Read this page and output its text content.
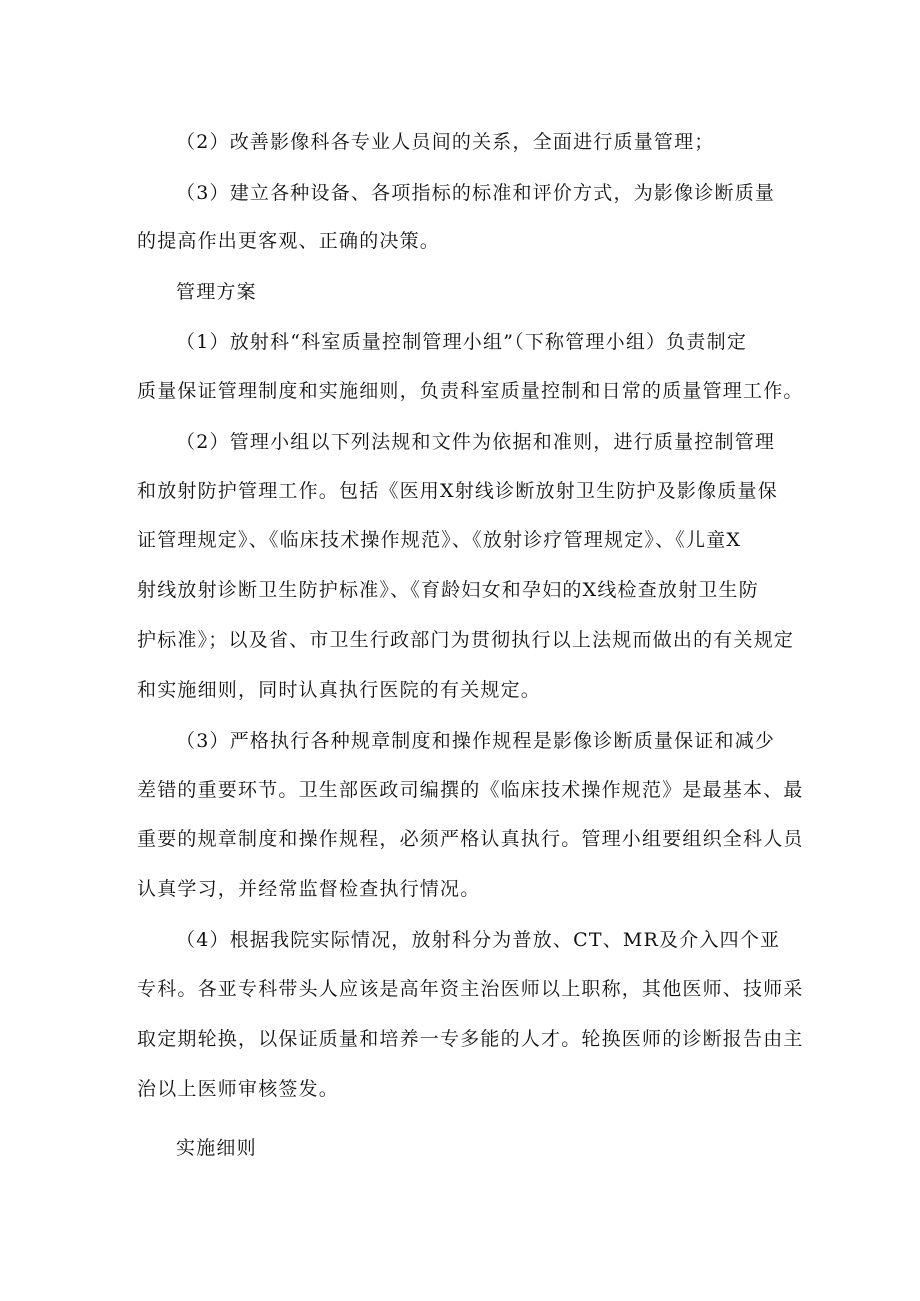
（2）改善影像科各专业人员间的关系，全面进行质量管理；
（3）建立各种设备、各项指标的标准和评价方式，为影像诊断质量
的提高作出更客观、正确的决策。
管理方案
（1）放射科“科室质量控制管理小组”（下称管理小组）负责制定
质量保证管理制度和实施细则，负责科室质量控制和日常的质量管理工作。
（2）管理小组以下列法规和文件为依据和准则，进行质量控制管理
和放射防护管理工作。包括《医用X射线诊断放射卫生防护及影像质量保
证管理规定》、《临床技术操作规范》、《放射诊疗管理规定》、《儿童X
射线放射诊断卫生防护标准》、《育龄妇女和孕妇的X线检查放射卫生防
护标准》；以及省、市卫生行政部门为贯彻执行以上法规而做出的有关规定
和实施细则，同时认真执行医院的有关规定。
（3）严格执行各种规章制度和操作规程是影像诊断质量保证和减少
差错的重要环节。卫生部医政司编撰的《临床技术操作规范》是最基本、最
重要的规章制度和操作规程，必须严格认真执行。管理小组要组织全科人员
认真学习，并经常监督检查执行情况。
（4）根据我院实际情况，放射科分为普放、CT、MR及介入四个亚
专科。各亚专科带头人应该是高年资主治医师以上职称，其他医师、技师采
取定期轮换，以保证质量和培养一专多能的人才。轮换医师的诊断报告由主
治以上医师审核签发。
实施细则
